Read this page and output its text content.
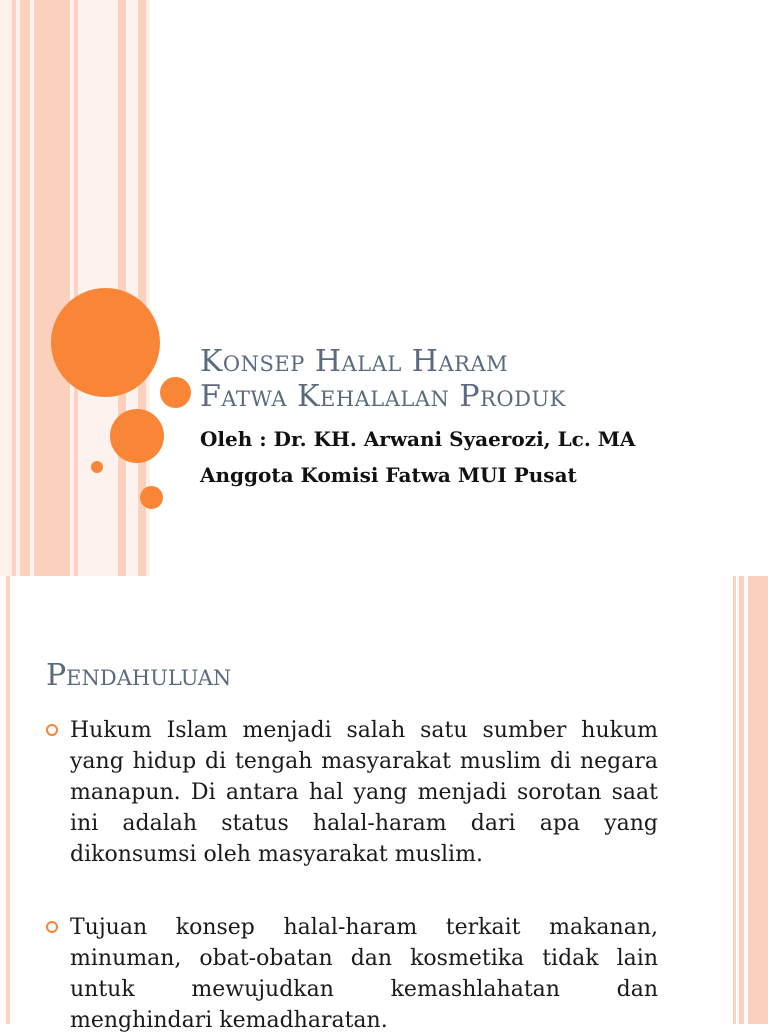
Konsep Halal Haram
Fatwa Kehalalan Produk
Oleh : Dr. KH. Arwani Syaerozi, Lc. MA
Anggota Komisi Fatwa MUI Pusat
Pendahuluan
Hukum Islam menjadi salah satu sumber hukum yang hidup di tengah masyarakat muslim di negara manapun. Di antara hal yang menjadi sorotan saat ini adalah status halal-haram dari apa yang dikonsumsi oleh masyarakat muslim.
Tujuan konsep halal-haram terkait makanan, minuman, obat-obatan dan kosmetika tidak lain untuk mewujudkan kemashlahatan dan menghindari kemadharatan.
